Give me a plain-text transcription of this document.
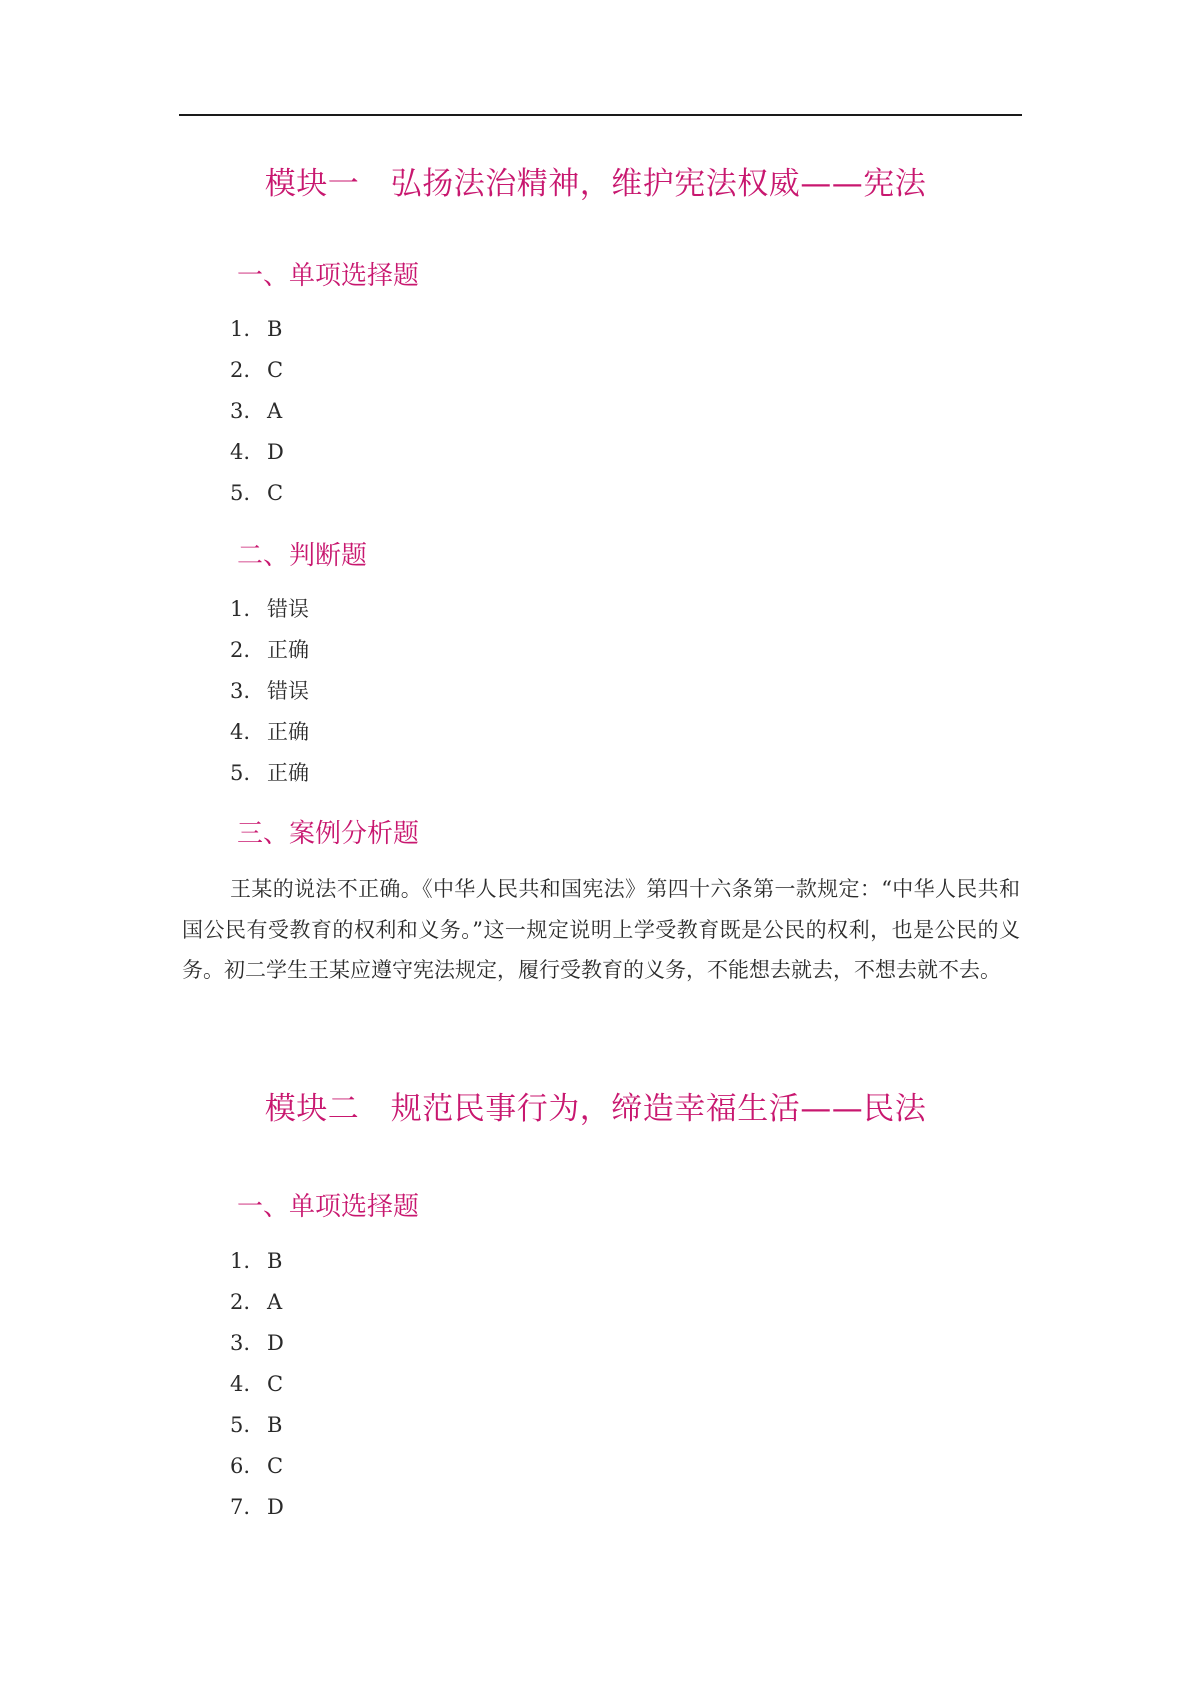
模块一　弘扬法治精神，维护宪法权威——宪法
一、单项选择题
1. B
2. C
3. A
4. D
5. C
二、判断题
1. 错误
2. 正确
3. 错误
4. 正确
5. 正确
三、案例分析题

王某的说法不正确。《中华人民共和国宪法》第四十六条第一款规定：“中华人民共和国公民有受教育的权利和义务。”这一规定说明上学受教育既是公民的权利，也是公民的义务。初二学生王某应遵守宪法规定，履行受教育的义务，不能想去就去，不想去就不去。

模块二　规范民事行为，缔造幸福生活——民法
一、单项选择题
1. B
2. A
3. D
4. C
5. B
6. C
7. D
